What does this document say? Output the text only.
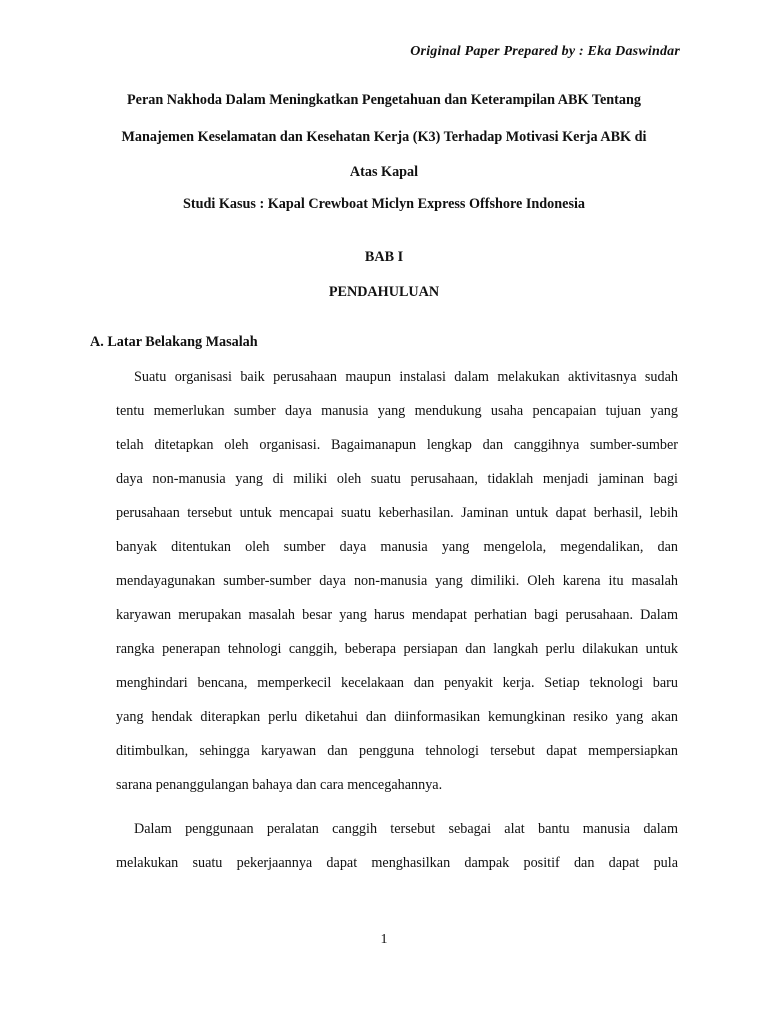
Original Paper Prepared by : Eka Daswindar
Peran Nakhoda Dalam Meningkatkan Pengetahuan dan Keterampilan ABK Tentang
Manajemen Keselamatan dan Kesehatan Kerja (K3) Terhadap Motivasi Kerja ABK di
Atas Kapal
Studi Kasus : Kapal Crewboat Miclyn Express Offshore Indonesia
BAB I
PENDAHULUAN
A. Latar Belakang Masalah
Suatu organisasi baik perusahaan maupun instalasi dalam melakukan aktivitasnya sudah
tentu memerlukan sumber daya manusia yang mendukung usaha pencapaian tujuan yang
telah ditetapkan oleh organisasi. Bagaimanapun lengkap dan canggihnya sumber-sumber
daya non-manusia yang di miliki oleh suatu perusahaan, tidaklah menjadi jaminan bagi
perusahaan tersebut untuk mencapai suatu keberhasilan. Jaminan untuk dapat berhasil, lebih
banyak ditentukan oleh sumber daya manusia yang mengelola, megendalikan, dan
mendayagunakan sumber-sumber daya non-manusia yang dimiliki. Oleh karena itu masalah
karyawan merupakan masalah besar yang harus mendapat perhatian bagi perusahaan. Dalam
rangka penerapan tehnologi canggih, beberapa persiapan dan langkah perlu dilakukan untuk
menghindari bencana, memperkecil kecelakaan dan penyakit kerja. Setiap teknologi baru
yang hendak diterapkan perlu diketahui dan diinformasikan kemungkinan resiko yang akan
ditimbulkan, sehingga karyawan dan pengguna tehnologi tersebut dapat mempersiapkan
sarana penanggulangan bahaya dan cara mencegahannya.
Dalam penggunaan peralatan canggih tersebut sebagai alat bantu manusia dalam
melakukan suatu pekerjaannya dapat menghasilkan dampak positif dan dapat pula
1
